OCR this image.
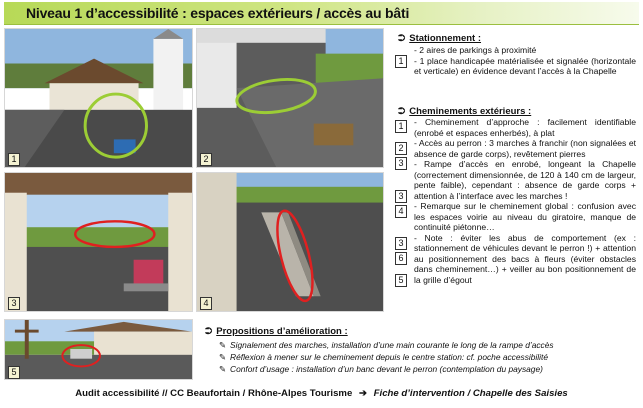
Niveau 1 d’accessibilité : espaces extérieurs / accès au bâti
1	2
3	4
5
⮊ Stationnement :
1

- 2 aires de parkings à proximité

- 1 place handicapée matérialisée et signalée (horizontale et verticale) en évidence devant l’accès à la Chapelle

⮊ Cheminements extérieurs :
1
2
3
3
4
3
6
5

- Cheminement d’approche : facilement identifiable (enrobé et espaces enherbés), à plat

- Accès au perron : 3 marches à franchir (non signalées et absence de garde corps), revêtement pierres

- Rampe d’accès en enrobé, longeant la Chapelle (correctement dimensionnée, de 120 à 140 cm de largeur, pente faible), cependant : absence de garde corps + attention à l’interface avec les marches !

- Remarque sur le cheminement global : confusion avec les espaces voirie au niveau du giratoire, manque de continuité piétonne…

- Note : éviter les abus de comportement (ex : stationnement de véhicules devant le perron !) + attention au positionnement des bacs à fleurs (éviter obstacles dans cheminement…) + veiller au bon positionnement de la grille d’égout

⮊ Propositions d’amélioration :
✎ Signalement des marches, installation d’une main courante le long de la rampe d’accès
✎ Réflexion à mener sur le cheminement depuis le centre station: cf. poche accessibilité
✎ Confort d’usage : installation d’un banc devant le perron (contemplation du paysage)
Audit accessibilité // CC Beaufortain / Rhône-Alpes Tourisme ➔ Fiche d’intervention / Chapelle des Saisies
